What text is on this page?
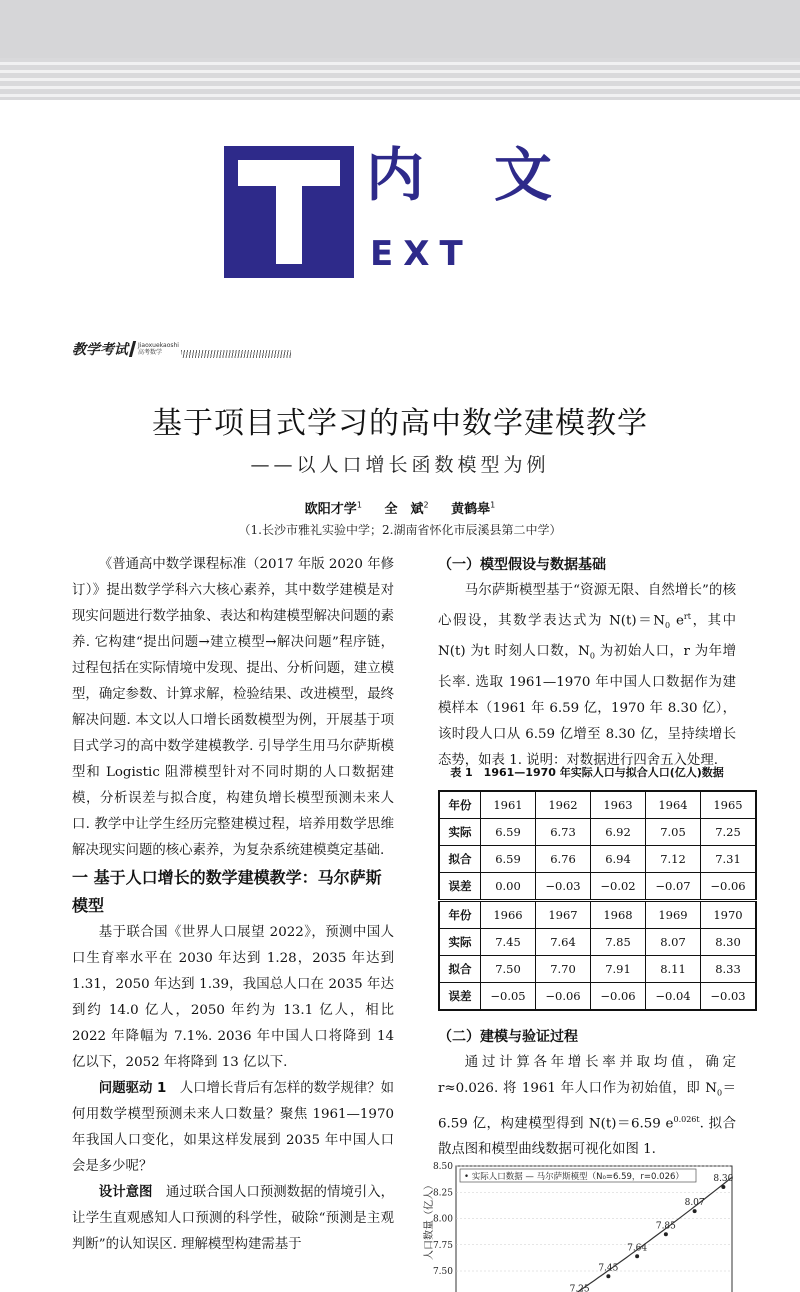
内文
EXT
教学考试 Jiaoxuekaoshi
高考数学
基于项目式学习的高中数学建模教学
——以人口增长函数模型为例
欧阳才学$^1$ 全　斌$^2$ 黄鹤皋$^1$
（1.长沙市雅礼实验中学；2.湖南省怀化市辰溪县第二中学）

《普通高中数学课程标准（2017 年版 2020 年修订）》提出数学学科六大核心素养，其中数学建模是对现实问题进行数学抽象、表达和构建模型解决问题的素养. 它构建“提出问题→建立模型→解决问题”程序链，过程包括在实际情境中发现、提出、分析问题，建立模型，确定参数、计算求解，检验结果、改进模型，最终解决问题. 本文以人口增长函数模型为例，开展基于项目式学习的高中数学建模教学. 引导学生用马尔萨斯模型和 Logistic 阻滞模型针对不同时期的人口数据建模，分析误差与拟合度，构建负增长模型预测未来人口. 教学中让学生经历完整建模过程，培养用数学思维解决现实问题的核心素养，为复杂系统建模奠定基础.

一 基于人口增长的数学建模教学：马尔萨斯模型

基于联合国《世界人口展望 2022》，预测中国人口生育率水平在 2030 年达到 1.28，2035 年达到 1.31，2050 年达到 1.39，我国总人口在 2035 年达到约 14.0 亿人，2050 年约为 13.1 亿人，相比 2022 年降幅为 7.1%. 2036 年中国人口将降到 14 亿以下，2052 年将降到 13 亿以下.

问题驱动 1　 人口增长背后有怎样的数学规律？如何用数学模型预测未来人口数量？聚焦 1961—1970 年我国人口变化，如果这样发展到 2035 年中国人口会是多少呢？

设计意图　 通过联合国人口预测数据的情境引入，让学生直观感知人口预测的科学性，破除“预测是主观判断”的认知误区. 理解模型构建需基于

（一）模型假设与数据基础

马尔萨斯模型基于“资源无限、自然增长”的核心假设，其数学表达式为 $N(t)=N_0$ $e^{rt}$，其中 N(t) 为t 时刻人口数，$N_0$ 为初始人口，r 为年增长率. 选取 1961—1970 年中国人口数据作为建模样本（1961 年 6.59 亿，1970 年 8.30 亿），该时段人口从 6.59 亿增至 8.30 亿，呈持续增长态势，如表 1. 说明：对数据进行四舍五入处理.

表 1　1961—1970 年实际人口与拟合人口(亿人)数据
年份	1961	1962	1963	1964	1965
实际	6.59	6.73	6.92	7.05	7.25
拟合	6.59	6.76	6.94	7.12	7.31
误差	0.00	−0.03	−0.02	−0.07	−0.06
年份	1966	1967	1968	1969	1970
实际	7.45	7.64	7.85	8.07	8.30
拟合	7.50	7.70	7.91	8.11	8.33
误差	−0.05	−0.06	−0.06	−0.04	−0.03

（二）建模与验证过程

通过计算各年增长率并取均值，确定 r≈0.026. 将 1961 年人口作为初始值，即 $N_0=6.59$ 亿，构建模型得到 N(t)＝6.59 $e^{0.026t}$. 拟合散点图和模型曲线数据可视化如图 1.

8.50
8.25
8.00
7.75
7.50
人口数量（亿人）
7.25
7.45
7.64
7.85
8.07
8.30
• 实际人口数据 — 马尔萨斯模型（N₀=6.59，r=0.026）
